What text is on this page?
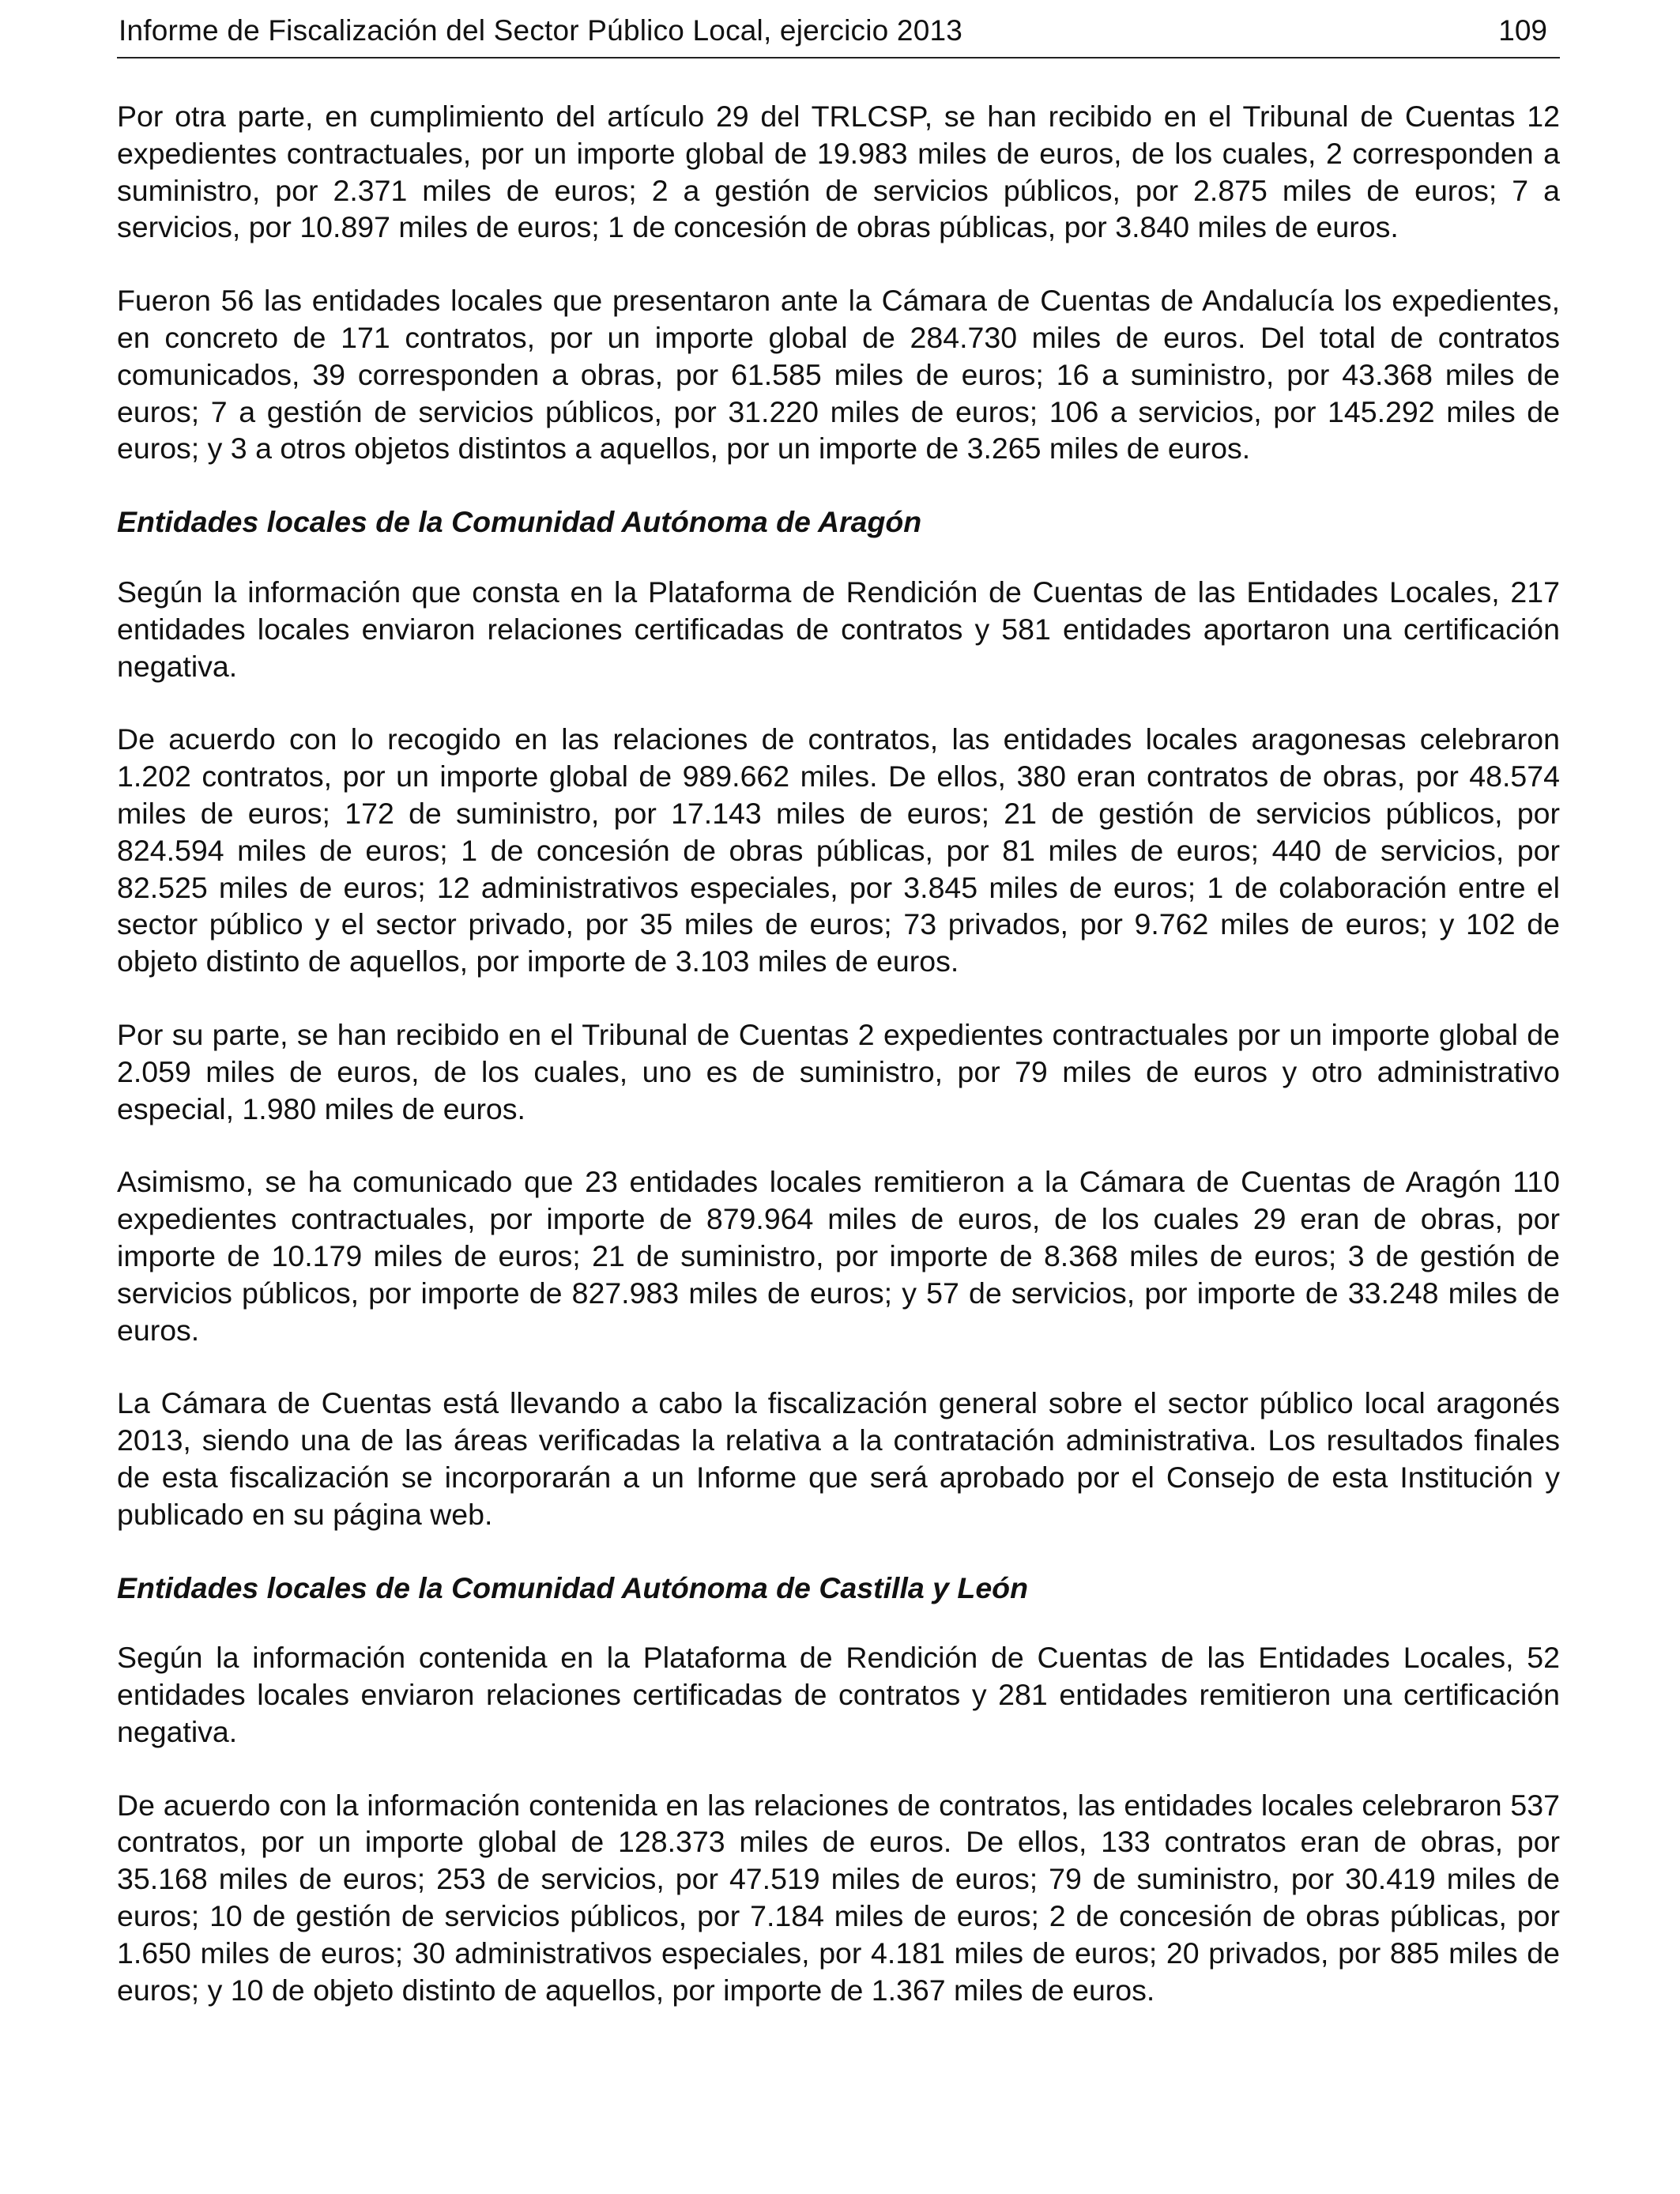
Informe de Fiscalización del Sector Público Local, ejercicio 2013	109

Por otra parte, en cumplimiento del artículo 29 del TRLCSP, se han recibido en el Tribunal de Cuentas 12 expedientes contractuales, por un importe global de 19.983 miles de euros, de los cuales, 2 corresponden a suministro, por 2.371 miles de euros; 2 a gestión de servicios públicos, por 2.875 miles de euros; 7 a servicios, por 10.897 miles de euros; 1 de concesión de obras públicas, por 3.840 miles de euros.

Fueron 56 las entidades locales que presentaron ante la Cámara de Cuentas de Andalucía los expedientes, en concreto de 171 contratos, por un importe global de 284.730 miles de euros. Del total de contratos comunicados, 39 corresponden a obras, por 61.585 miles de euros; 16 a suministro, por 43.368 miles de euros; 7 a gestión de servicios públicos, por 31.220 miles de euros; 106 a servicios, por 145.292 miles de euros; y 3 a otros objetos distintos a aquellos, por un importe de 3.265 miles de euros.

Entidades locales de la Comunidad Autónoma de Aragón

Según la información que consta en la Plataforma de Rendición de Cuentas de las Entidades Locales, 217 entidades locales enviaron relaciones certificadas de contratos y 581 entidades aportaron una certificación negativa.

De acuerdo con lo recogido en las relaciones de contratos, las entidades locales aragonesas celebraron 1.202 contratos, por un importe global de 989.662 miles. De ellos, 380 eran contratos de obras, por 48.574 miles de euros; 172 de suministro, por 17.143 miles de euros; 21 de gestión de servicios públicos, por 824.594 miles de euros; 1 de concesión de obras públicas, por 81 miles de euros; 440 de servicios, por 82.525 miles de euros; 12 administrativos especiales, por 3.845 miles de euros; 1 de colaboración entre el sector público y el sector privado, por 35 miles de euros; 73 privados, por 9.762 miles de euros; y 102 de objeto distinto de aquellos, por importe de 3.103 miles de euros.

Por su parte, se han recibido en el Tribunal de Cuentas 2 expedientes contractuales por un importe global de 2.059 miles de euros, de los cuales, uno es de suministro, por 79 miles de euros y otro administrativo especial, 1.980 miles de euros.

Asimismo, se ha comunicado que 23 entidades locales remitieron a la Cámara de Cuentas de Aragón 110 expedientes contractuales, por importe de 879.964 miles de euros, de los cuales 29 eran de obras, por importe de 10.179 miles de euros; 21 de suministro, por importe de 8.368 miles de euros; 3 de gestión de servicios públicos, por importe de 827.983 miles de euros; y 57 de servicios, por importe de 33.248 miles de euros.

La Cámara de Cuentas está llevando a cabo la fiscalización general sobre el sector público local aragonés 2013, siendo una de las áreas verificadas la relativa a la contratación administrativa. Los resultados finales de esta fiscalización se incorporarán a un Informe que será aprobado por el Consejo de esta Institución y publicado en su página web.

Entidades locales de la Comunidad Autónoma de Castilla y León

Según la información contenida en la Plataforma de Rendición de Cuentas de las Entidades Locales, 52 entidades locales enviaron relaciones certificadas de contratos y 281 entidades remitieron una certificación negativa.

De acuerdo con la información contenida en las relaciones de contratos, las entidades locales celebraron 537 contratos, por un importe global de 128.373 miles de euros. De ellos, 133 contratos eran de obras, por 35.168 miles de euros; 253 de servicios, por 47.519 miles de euros; 79 de suministro, por 30.419 miles de euros; 10 de gestión de servicios públicos, por 7.184 miles de euros; 2 de concesión de obras públicas, por 1.650 miles de euros; 30 administrativos especiales, por 4.181 miles de euros; 20 privados, por 885 miles de euros; y 10 de objeto distinto de aquellos, por importe de 1.367 miles de euros.
